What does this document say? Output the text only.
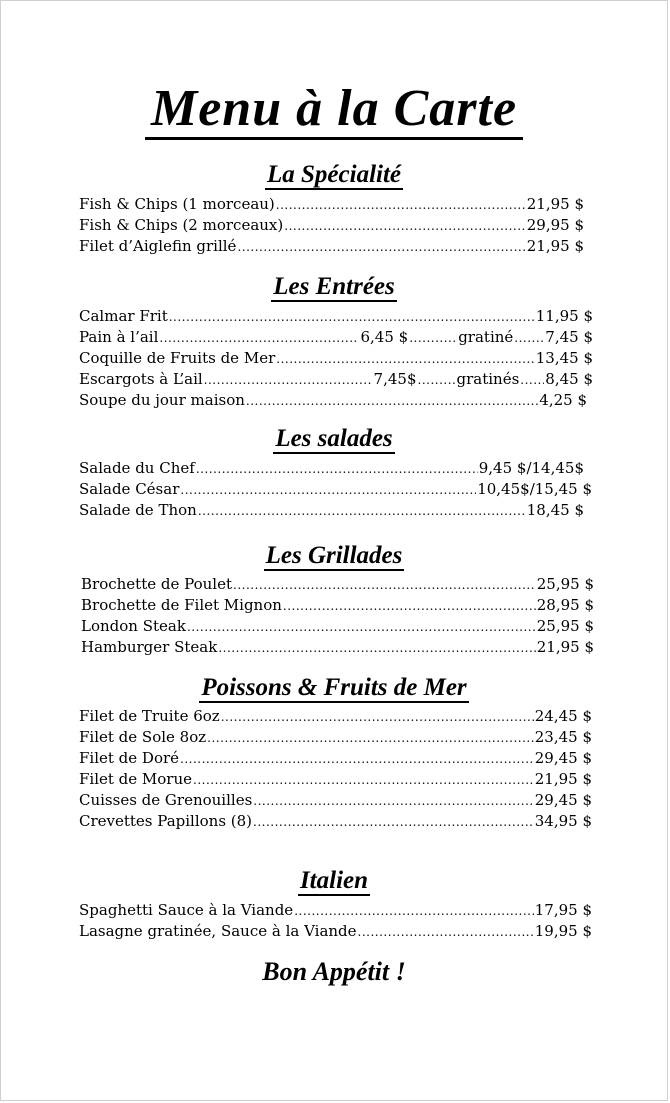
Menu à la Carte
La Spécialité
Fish & Chips (1 morceau) .....	21,95 $
Fish & Chips (2 morceaux) .....	29,95 $
Filet d’Aiglefin grillé .....	21,95 $
Les Entrées
Calmar Frit .....	11,95 $
Pain à l’ail .....	6,45 $ .....	gratiné ..... 7,45 $
Coquille de Fruits de Mer .....	13,45 $
Escargots à L’ail .....	7,45$ .....	gratinés ..... 8,45 $
Soupe du jour maison .....	4,25 $
Les salades
Salade du Chef .....	9,45 $/14,45$
Salade César .....	10,45$/15,45 $
Salade de Thon .....	18,45 $
Les Grillades
Brochette de Poulet .....	25,95 $
Brochette de Filet Mignon .....	28,95 $
London Steak .....	25,95 $
Hamburger Steak .....	21,95 $
Poissons & Fruits de Mer
Filet de Truite 6oz .....	24,45 $
Filet de Sole 8oz .....	23,45 $
Filet de Doré .....	29,45 $
Filet de Morue .....	21,95 $
Cuisses de Grenouilles .....	29,45 $
Crevettes Papillons (8) .....	34,95 $
Italien
Spaghetti Sauce à la Viande .....	17,95 $
Lasagne gratinée, Sauce à la Viande .....	19,95 $
Bon Appétit !
